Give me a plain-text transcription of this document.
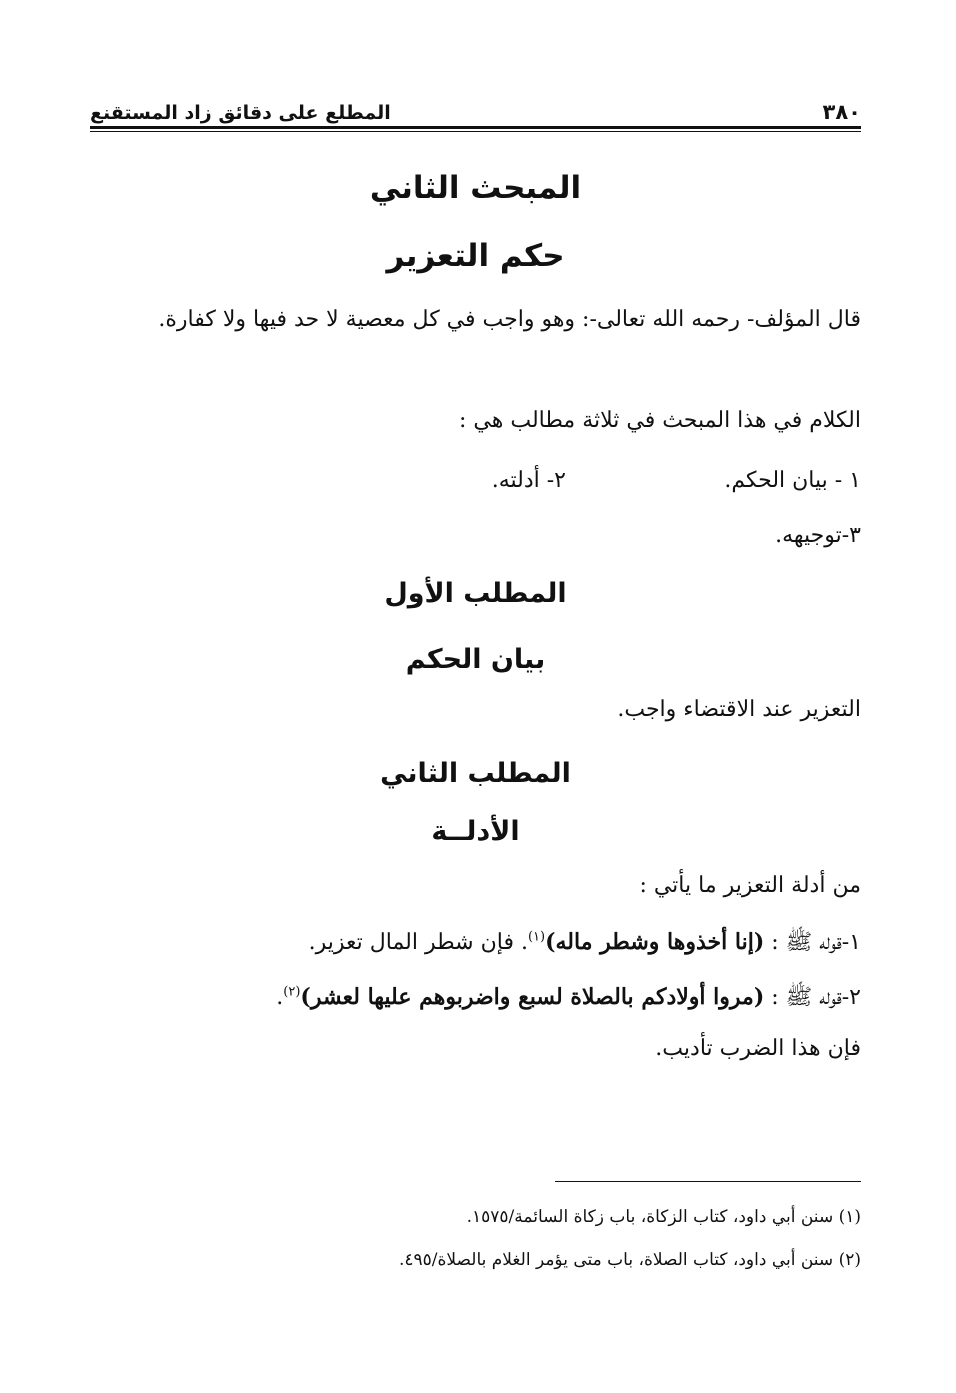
٣٨٠
المطلع على دقائق زاد المستقنع
المبحث الثاني
حكم التعزير
قال المؤلف- رحمه الله تعالى-: وهو واجب في كل معصية لا حد فيها ولا كفارة.
الكلام في هذا المبحث في ثلاثة مطالب هي :
١ - بيان الحكم.
٢- أدلته.
٣-توجيهه.
المطلب الأول
بيان الحكم
التعزير عند الاقتضاء واجب.
المطلب الثاني
الأدلــة
من أدلة التعزير ما يأتي :
١-قوله ﷺ : (إنا أخذوها وشطر ماله)$^{(١)}$. فإن شطر المال تعزير.
٢-قوله ﷺ : (مروا أولادكم بالصلاة لسبع واضربوهم عليها لعشر)$^{(٢)}$.
فإن هذا الضرب تأديب.
(١) سنن أبي داود، كتاب الزكاة، باب زكاة السائمة/١٥٧٥.
(٢) سنن أبي داود، كتاب الصلاة، باب متى يؤمر الغلام بالصلاة/٤٩٥.
